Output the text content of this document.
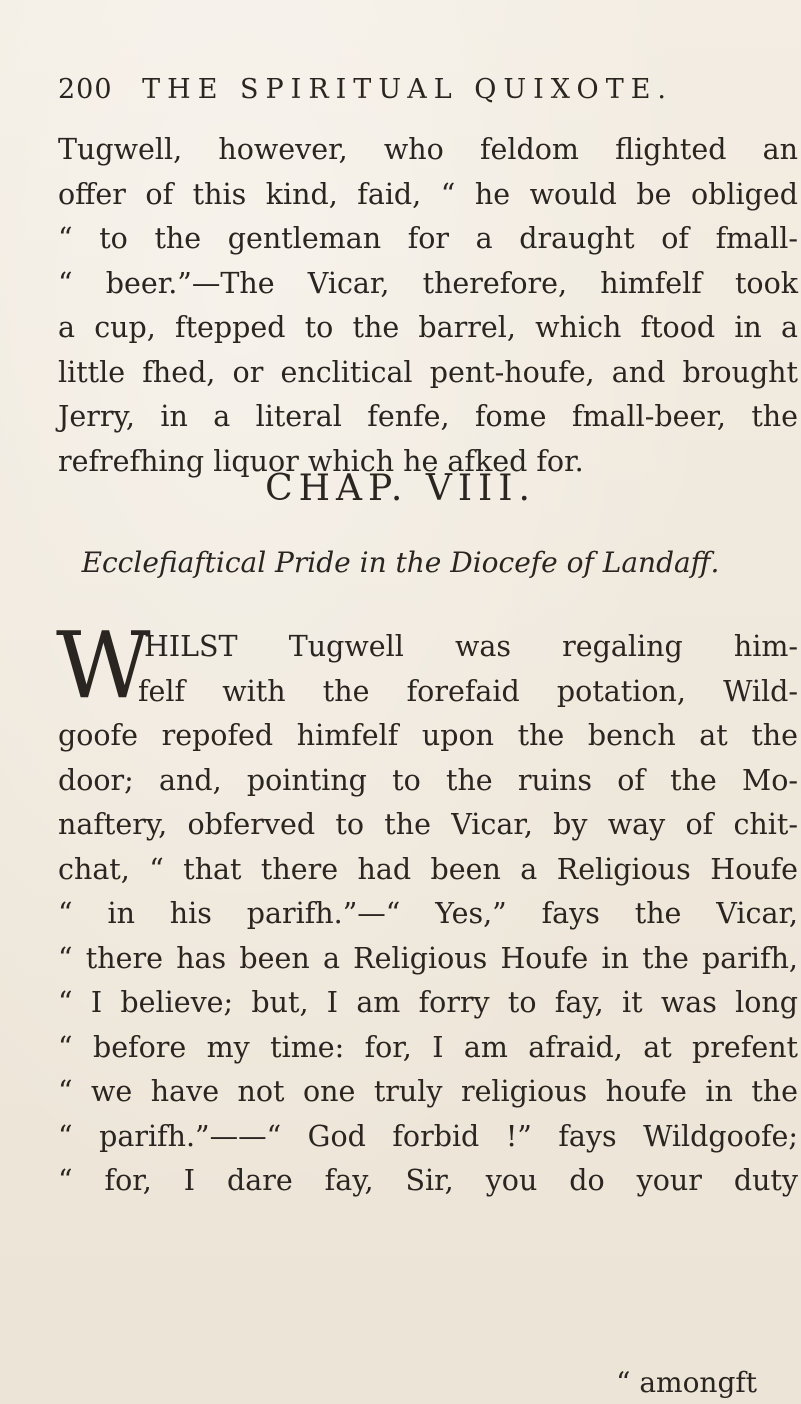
200 THE SPIRITUAL QUIXOTE.
Tugwell, however, who feldom flighted an
offer of this kind, faid, “ he would be obliged
“ to the gentleman for a draught of fmall-
“ beer.”—The Vicar, therefore, himfelf took
a cup, ftepped to the barrel, which ftood in a
little fhed, or enclitical pent-houfe, and brought
Jerry, in a literal fenfe, fome fmall-beer, the
refrefhing liquor which he afked for.
CHAP. VIII.
Ecclefiaftical Pride in the Diocefe of Landaff.
W
HILST Tugwell was regaling him-
felf with the forefaid potation, Wild-
goofe repofed himfelf upon the bench at the
door; and, pointing to the ruins of the Mo-
naftery, obferved to the Vicar, by way of chit-
chat, “ that there had been a Religious Houfe
“ in his parifh.”—“ Yes,” fays the Vicar,
“ there has been a Religious Houfe in the parifh,
“ I believe; but, I am forry to fay, it was long
“ before my time: for, I am afraid, at prefent
“ we have not one truly religious houfe in the
“ parifh.”——“ God forbid !” fays Wildgoofe;
“ for, I dare fay, Sir, you do your duty
“ amongft
